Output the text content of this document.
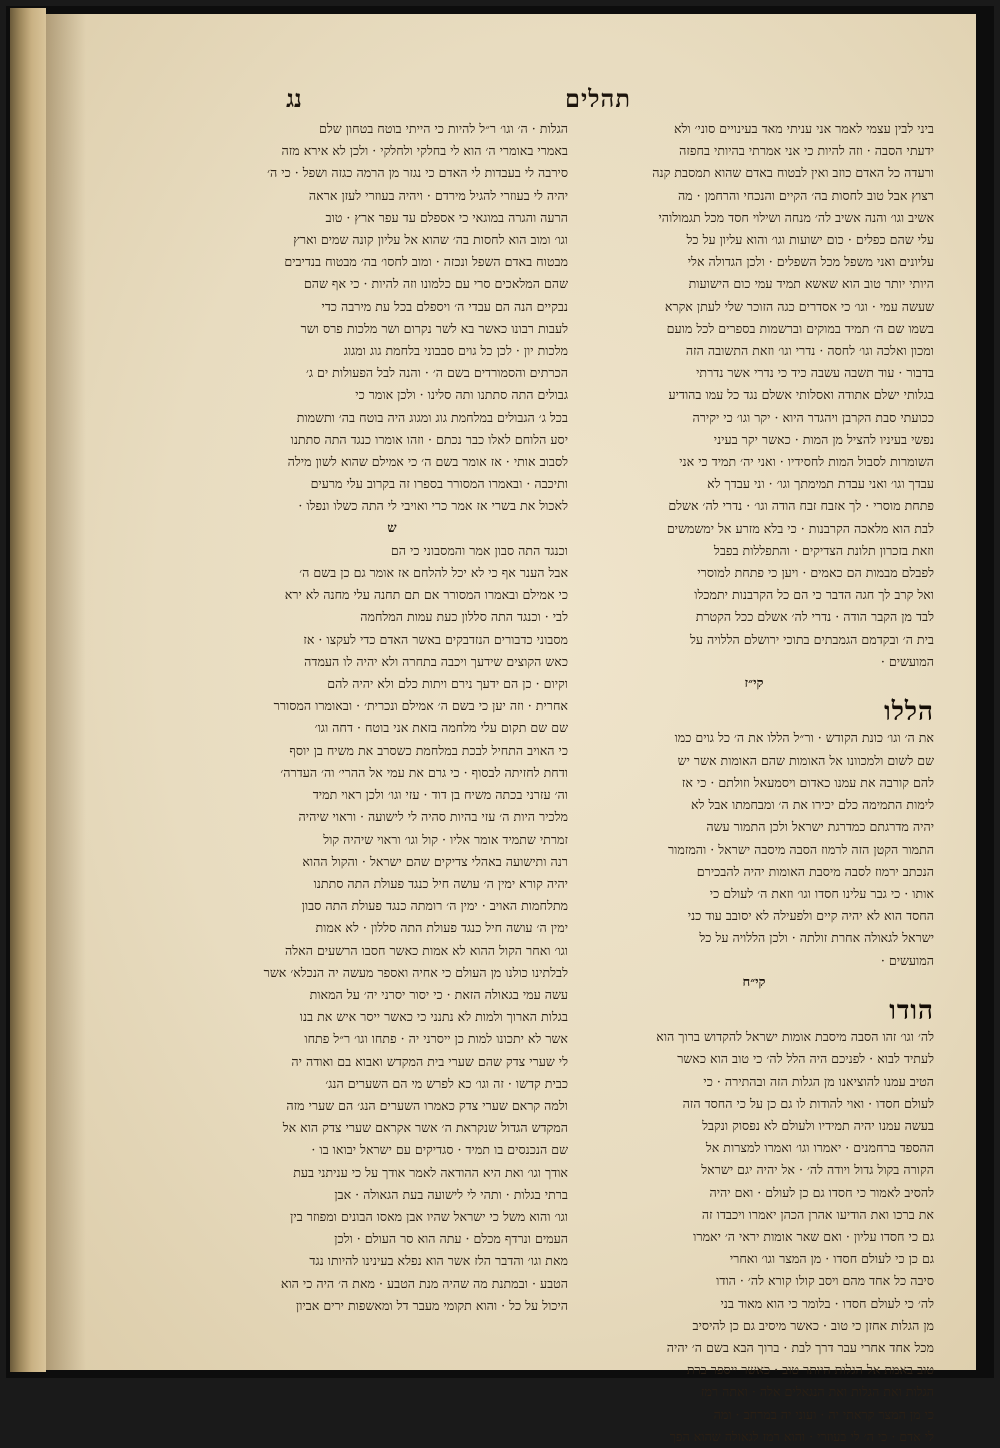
תהלים
נג
ביני לבין עצמי לאמר אני עניתי מאד בעינויים סוני׳ ולא
ידעתי הסבה · וזה להיות כי אני אמרתי בהיותי בחפזה
ורעדה כל האדם כוזב ואין לבטוח באדם שהוא תמסבת קנה
רצוץ אבל טוב לחסות בה׳ הקיים והנכחי והרחמן · מה
אשיב וגו׳ והנה אשיב לה׳ מנחה ושילוי חסד מכל תגמולוהי
עלי שהם כפלים · כום ישועות וגו׳ והוא עליון על כל
עליונים ואני משפל מכל השפלים · ולכן הגדולה אלי
היותי יותר טוב הוא שאשא תמיד עמי כום הישועות
שעשה עמי · וגו׳ כי אסדרים כגה הזוכר שלי לעתן אקרא
בשמו שם ה׳ תמיד במוקים וברשמות בספרים לכל מועם
ומכון ואלכה וגו׳ לחסה · נדרי וגו׳ וזאת התשובה הזה
בדבור · עוד תשבה עשבה כיד כי נדרי אשר נדרתי
בגלותי ישלם אתודה ואסלותי אשלם נגד כל עמו בהודיע
ככועתי סבת הקרבן ויהגדר היוא · יקר וגו׳ כי יקירה
נפשי בעיניו להציל מן המות · כאשר יקר בעיני
השומרות לסבול המות לחסידיו · ואני יה׳ תמיד כי אני
עבדך וגו׳ ואני עבדת תמימתך וגו׳ · וני עבדך לא
פתחת מוסרי · לך אזבח זבח הודה וגו׳ · נדרי לה׳ אשלם
לבת הוא מלאכה הקרבנות · כי בלא מזרע אל ימשמשים
וזאת בזכרון תלונת הצדיקים · והתפללות בפבל
לפבלם מבמות הם כאמים · ויען כי פתחת למוסרי
ואל קרב לך חגה הדבר כי הם כל הקרבנות יתמכלו
לבד מן הקבר הודה · נדרי לה׳ אשלם ככל הקטרת
בית ה׳ ובקדמם הגמבתים בתוכי ירושלם הללויה על
המועשים ·
קי״ז
הללו
את ה׳ וגו׳ כונת הקודש · ור״ל הללו את ה׳ כל גוים כמו
שם לשום ולמכוונו אל האומות שהם האומות אשר יש
להם קורבה את עמנו כאדום ויסמעאל וזולתם · כי אז
לימות התמימה כלם יכירו את ה׳ ומבחמתו אבל לא
יהיה מדרגתם כמדרגת ישראל ולכן התמור עשה
התמור הקטן הזה לרמוז הסבה מיסבה ישראל · והמזמור
הנכתב ירמוז לסבה מיסבת האומות יהיה להבכירם
אותו · כי גבר עלינו חסדו וגו׳ וזאת ה׳ לעולם כי
החסד הוא לא יהיה קיים ולפעילה לא יסובב עוד כני
ישראל לגאולה אחרת זולתה · ולכן הללויה על כל
המועשים ·
קי״ח
הודו
לה׳ וגו׳ זהו הסבה מיסבת אומות ישראל להקדוש ברוך הוא
לעתיד לבוא · לפניכם היה הלל לה׳ כי טוב הוא כאשר
הטיב עמנו להוציאנו מן הגלות הזה ובהתירה · כי
לעולם חסדו · ואוי להודות לו גם כן על כי החסד הזה
בעשה עמנו יהיה תמידיו ולעולם לא נפסוק ונקבל
ההספד ברחמנים · יאמרו וגו׳ ואמרו למצרות אל
הקורה בקול גדול ויודה לה׳ · אל יהיה יגם ישראל
להסיב לאמור כי חסדו גם כן לעולם · ואם יהיה
את ברכו ואת הודיעו אהרן הכהן יאמרו ויכבדו זה
גם כי חסדו עליון · ואם שאר אומות יראי ה׳ יאמרו
גם כן כי לעולם חסדו · מן המצר וגו׳ ואחרי
סיבה כל אחד מהם ויסב קולו קורא לה׳ · הודו
לה׳ כי לעולם חסדו · בלומר כי הוא מאוד בני
מן הגלות אחזן כי טוב · כאשר מיסיב גם כן להיסיב
מכל אחד אחרי עבר דרך לבת · ברוך הבא בשם ה׳ יהיה
טוב באמת אל הגלות היותר טוב · כאשר ייספר ברת
הגלות ואת הגלות ואת הנגאלים אלה · ואתה רמז
כי מן המצר קראתי יה · ועוני יה במרחב · ומה
לי אדם · כי ה׳ לי בעוזרי · והוא רמז לגאולה שהוא הפך
הגלות · ה׳ וגו׳ ר״ל להיות כי הייתי בוטח בטחון שלם
באמרי באומרי ה׳ הוא לי בחלקי ולחלקי · ולכן לא אירא מזה
סירבה לי בעבדות לי האדם כי נגזר מן הרמה כגזה ושפל · כי ה׳
יהיה לי בעוזרי להגיל מירדם · ויהיה בעוזרי לעזן אראה
הרעה והגרה במוגאי כי אספלם עד עפר ארץ · טוב
וגו׳ ומוב הוא לחסות בה׳ שהוא אל עליון קונה שמים וארץ
מבטוח באדם השפל ונכזה · ומוב לחסו׳ בה׳ מבטוח בנדיבים
שהם המלאכים סרי עם כלמונו וזה להיות · כי אף שהם
נבקיים הנה הם עבדי ה׳ ויספלם בכל עת מירבה כדי
לעבות רבונו כאשר בא לשר נקרום ושר מלכות פרס ושר
מלכות יון · לכן כל גוים סבבוני בלחמת גוג ומגוג
הכרתים והסמורדים בשם ה׳ · והנה לבל הפעולות ים ג׳
גבולים התה סתתנו ותה סלינו · ולכן אומר כי
בכל ג׳ הגבולים במלחמת גוג ומגוג היה בוטח בה׳ ותשמות
יסע הלוחם לאלו כבר נכתם · וזהו אומרו כנגד התה סתתנו
לסבוב אותי · אז אומר בשם ה׳ כי אמילם שהוא לשון מילה
ותיכבה · ובאמרו המסורר בספרו זה בקרוב עלי מרעים
לאכול את בשרי אז אמר כרי ואויבי לי התה כשלו ונפלו ·
ש
וכנגד התה סבון אמר והמסבוני כי הם
אבל הענר אף כי לא יכל להלחם אז אומר גם כן בשם ה׳
כי אמילם ובאמרו המסורר אם תם תחנה עלי מחנה לא ירא
לבי · וכנגד התה סללון כעת עמות המלחמה
מסבוני כדבורים הנזדבקים באשר האדם כדי לעקצו · אז
כאש הקוצים שידעך ויכבה בתחרה ולא יהיה לו העמדה
וקיום · כן הם ידעך נירם ויתות כלם ולא יהיה להם
אחרית · וזה יען כי בשם ה׳ אמילם ונכרית׳ · ובאומרו המסורר
שם שם תקום עלי מלחמה בזאת אני בוטח · דחה וגו׳
כי האויב התחיל לבכת במלחמת כשסרב את משיח בן יוסף
ודחת לחזיתה לבסוף · כי גרם את עמי אל ההרי׳ וה׳ העדרה׳
וה׳ עזרני בכתה משיח בן דוד · עזי וגו׳ ולכן ראוי תמיד
מלכיר היות ה׳ עזי בהיות סהיה לי לישועה · וראוי שיהיה
זמרתי שתמיד אומר אליו · קול וגו׳ וראוי שיהיה קול
רנה ותישועה באהלי צדיקים שהם ישראל · והקול ההוא
יהיה קורא ימין ה׳ עושה חיל כנגד פעולת התה סתתנו
מתלחמות האויב · ימין ה׳ רומתה כנגד פעולת התה סבון
ימין ה׳ עושה חיל כנגד פעולת התה סללון · לא אמות
וגו׳ ואחר הקול ההוא לא אמות כאשר חסבו הרשעים האלה
לבלתינו כולנו מן העולם כי אחיה ואספר מעשה יה הנכלא׳ אשר
עשה עמי בגאולה הזאת · כי יסור יסרני יה׳ על המאות
בגלות הארוך ולמות לא נתנני כי כאשר ייסר איש את בנו
אשר לא יתכונו למות כן ייסרני יה · פתחו וגו׳ ר״ל פתחו
לי שערי צדק שהם שערי בית המקדש ואבוא בם ואודה יה
כבית קדשו · זה וגו׳ כא לפרש מי הם השערים הנג׳
ולמה קראם שערי צדק כאמרו השערים הנג׳ הם שערי מזה
המקדש הגדול שנקראת ה׳ אשר אקראם שערי צדק הוא אל
שם הנכנסים בו תמיד · סגדיקים עם ישראל יבואו בו ·
אודך וגו׳ ואת היא ההודאה לאמר אודך על כי עניתני בעת
ברתי בגלות · ותהי לי לישועה בעת הגאולה · אבן
וגו׳ והוא משל כי ישראל שהיו אבן מאסו הבונים ומפוזר בין
העמים ונרדף מכלם · עתה הוא סר העולם · ולכן
מאת וגו׳ והדבר הלז אשר הוא נפלא בעינינו להיותו נגד
הטבע · ובמתנת מה שהיה מנת הטבע · מאת ה׳ היה כי הוא
היכול על כל · והוא תקומי מעבר דל ומאשפות ירים אביון
